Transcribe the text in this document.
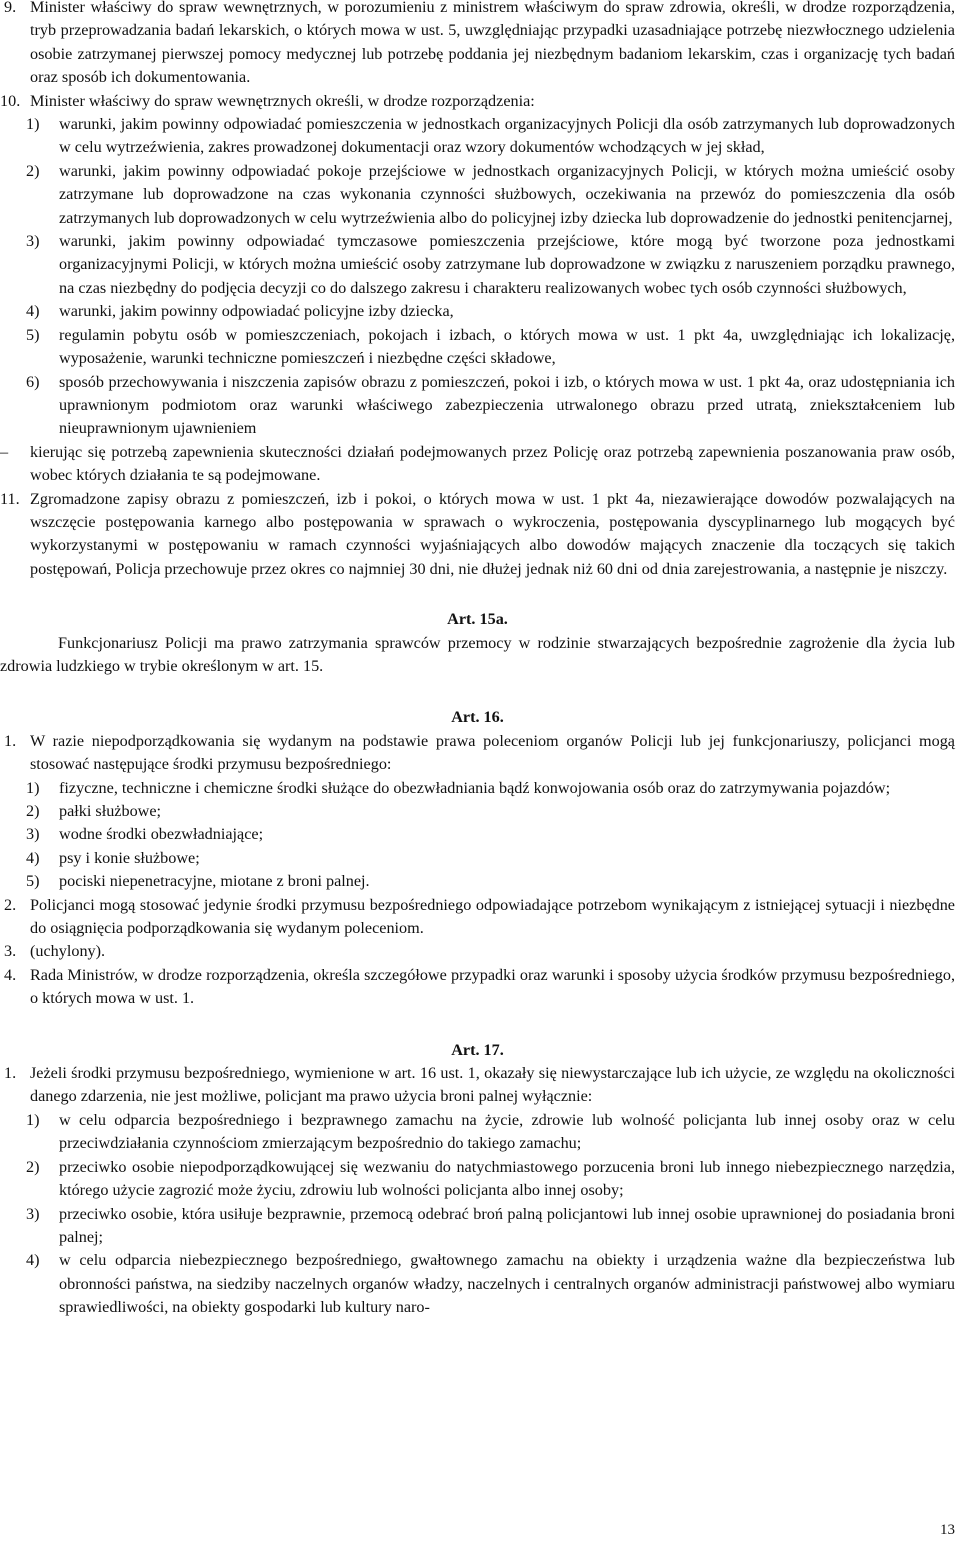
9. Minister właściwy do spraw wewnętrznych, w porozumieniu z ministrem właściwym do spraw zdrowia, określi, w drodze rozporządzenia, tryb przeprowadzania badań lekarskich, o których mowa w ust. 5, uwzględniając przypadki uzasadniające potrzebę niezwłocznego udzielenia osobie zatrzymanej pierwszej pomocy medycznej lub potrzebę poddania jej niezbędnym badaniom lekarskim, czas i organizację tych badań oraz sposób ich dokumentowania.
10. Minister właściwy do spraw wewnętrznych określi, w drodze rozporządzenia:
1)	warunki, jakim powinny odpowiadać pomieszczenia w jednostkach organizacyjnych Policji dla osób zatrzymanych lub doprowadzonych w celu wytrzeźwienia, zakres prowadzonej dokumentacji oraz wzory dokumentów wchodzących w jej skład,
2)	warunki, jakim powinny odpowiadać pokoje przejściowe w jednostkach organizacyjnych Policji, w których można umieścić osoby zatrzymane lub doprowadzone na czas wykonania czynności służbowych, oczekiwania na przewóz do pomieszczenia dla osób zatrzymanych lub doprowadzonych w celu wytrzeźwienia albo do policyjnej izby dziecka lub doprowadzenie do jednostki penitencjarnej,
3)	warunki, jakim powinny odpowiadać tymczasowe pomieszczenia przejściowe, które mogą być tworzone poza jednostkami organizacyjnymi Policji, w których można umieścić osoby zatrzymane lub doprowadzone w związku z naruszeniem porządku prawnego, na czas niezbędny do podjęcia decyzji co do dalszego zakresu i charakteru realizowanych wobec tych osób czynności służbowych,
4)	warunki, jakim powinny odpowiadać policyjne izby dziecka,
5)	regulamin pobytu osób w pomieszczeniach, pokojach i izbach, o których mowa w ust. 1 pkt 4a, uwzględniając ich lokalizację, wyposażenie, warunki techniczne pomieszczeń i niezbędne części składowe,
6)	sposób przechowywania i niszczenia zapisów obrazu z pomieszczeń, pokoi i izb, o których mowa w ust. 1 pkt 4a, oraz udostępniania ich uprawnionym podmiotom oraz warunki właściwego zabezpieczenia utrwalonego obrazu przed utratą, zniekształceniem lub nieuprawnionym ujawnieniem
–	kierując się potrzebą zapewnienia skuteczności działań podejmowanych przez Policję oraz potrzebą zapewnienia poszanowania praw osób, wobec których działania te są podejmowane.
11. Zgromadzone zapisy obrazu z pomieszczeń, izb i pokoi, o których mowa w ust. 1 pkt 4a, niezawierające dowodów pozwalających na wszczęcie postępowania karnego albo postępowania w sprawach o wykroczenia, postępowania dyscyplinarnego lub mogących być wykorzystanymi w postępowaniu w ramach czynności wyjaśniających albo dowodów mających znaczenie dla toczących się takich postępowań, Policja przechowuje przez okres co najmniej 30 dni, nie dłużej jednak niż 60 dni od dnia zarejestrowania, a następnie je niszczy.
Art. 15a.

Funkcjonariusz Policji ma prawo zatrzymania sprawców przemocy w rodzinie stwarzających bezpośrednie zagrożenie dla życia lub zdrowia ludzkiego w trybie określonym w art. 15.

Art. 16.
1. W razie niepodporządkowania się wydanym na podstawie prawa poleceniom organów Policji lub jej funkcjonariuszy, policjanci mogą stosować następujące środki przymusu bezpośredniego:
1)	fizyczne, techniczne i chemiczne środki służące do obezwładniania bądź konwojowania osób oraz do zatrzymywania pojazdów;
2)	pałki służbowe;
3)	wodne środki obezwładniające;
4)	psy i konie służbowe;
5)	pociski niepenetracyjne, miotane z broni palnej.
2. Policjanci mogą stosować jedynie środki przymusu bezpośredniego odpowiadające potrzebom wynikającym z istniejącej sytuacji i niezbędne do osiągnięcia podporządkowania się wydanym poleceniom.
3. (uchylony).
4. Rada Ministrów, w drodze rozporządzenia, określa szczegółowe przypadki oraz warunki i sposoby użycia środków przymusu bezpośredniego, o których mowa w ust. 1.
Art. 17.
1. Jeżeli środki przymusu bezpośredniego, wymienione w art. 16 ust. 1, okazały się niewystarczające lub ich użycie, ze względu na okoliczności danego zdarzenia, nie jest możliwe, policjant ma prawo użycia broni palnej wyłącznie:
1)	w celu odparcia bezpośredniego i bezprawnego zamachu na życie, zdrowie lub wolność policjanta lub innej osoby oraz w celu przeciwdziałania czynnościom zmierzającym bezpośrednio do takiego zamachu;
2)	przeciwko osobie niepodporządkowującej się wezwaniu do natychmiastowego porzucenia broni lub innego niebezpiecznego narzędzia, którego użycie zagrozić może życiu, zdrowiu lub wolności policjanta albo innej osoby;
3)	przeciwko osobie, która usiłuje bezprawnie, przemocą odebrać broń palną policjantowi lub innej osobie uprawnionej do posiadania broni palnej;
4)	w celu odparcia niebezpiecznego bezpośredniego, gwałtownego zamachu na obiekty i urządzenia ważne dla bezpieczeństwa lub obronności państwa, na siedziby naczelnych organów władzy, naczelnych i centralnych organów administracji państwowej albo wymiaru sprawiedliwości, na obiekty gospodarki lub kultury naro-
13
